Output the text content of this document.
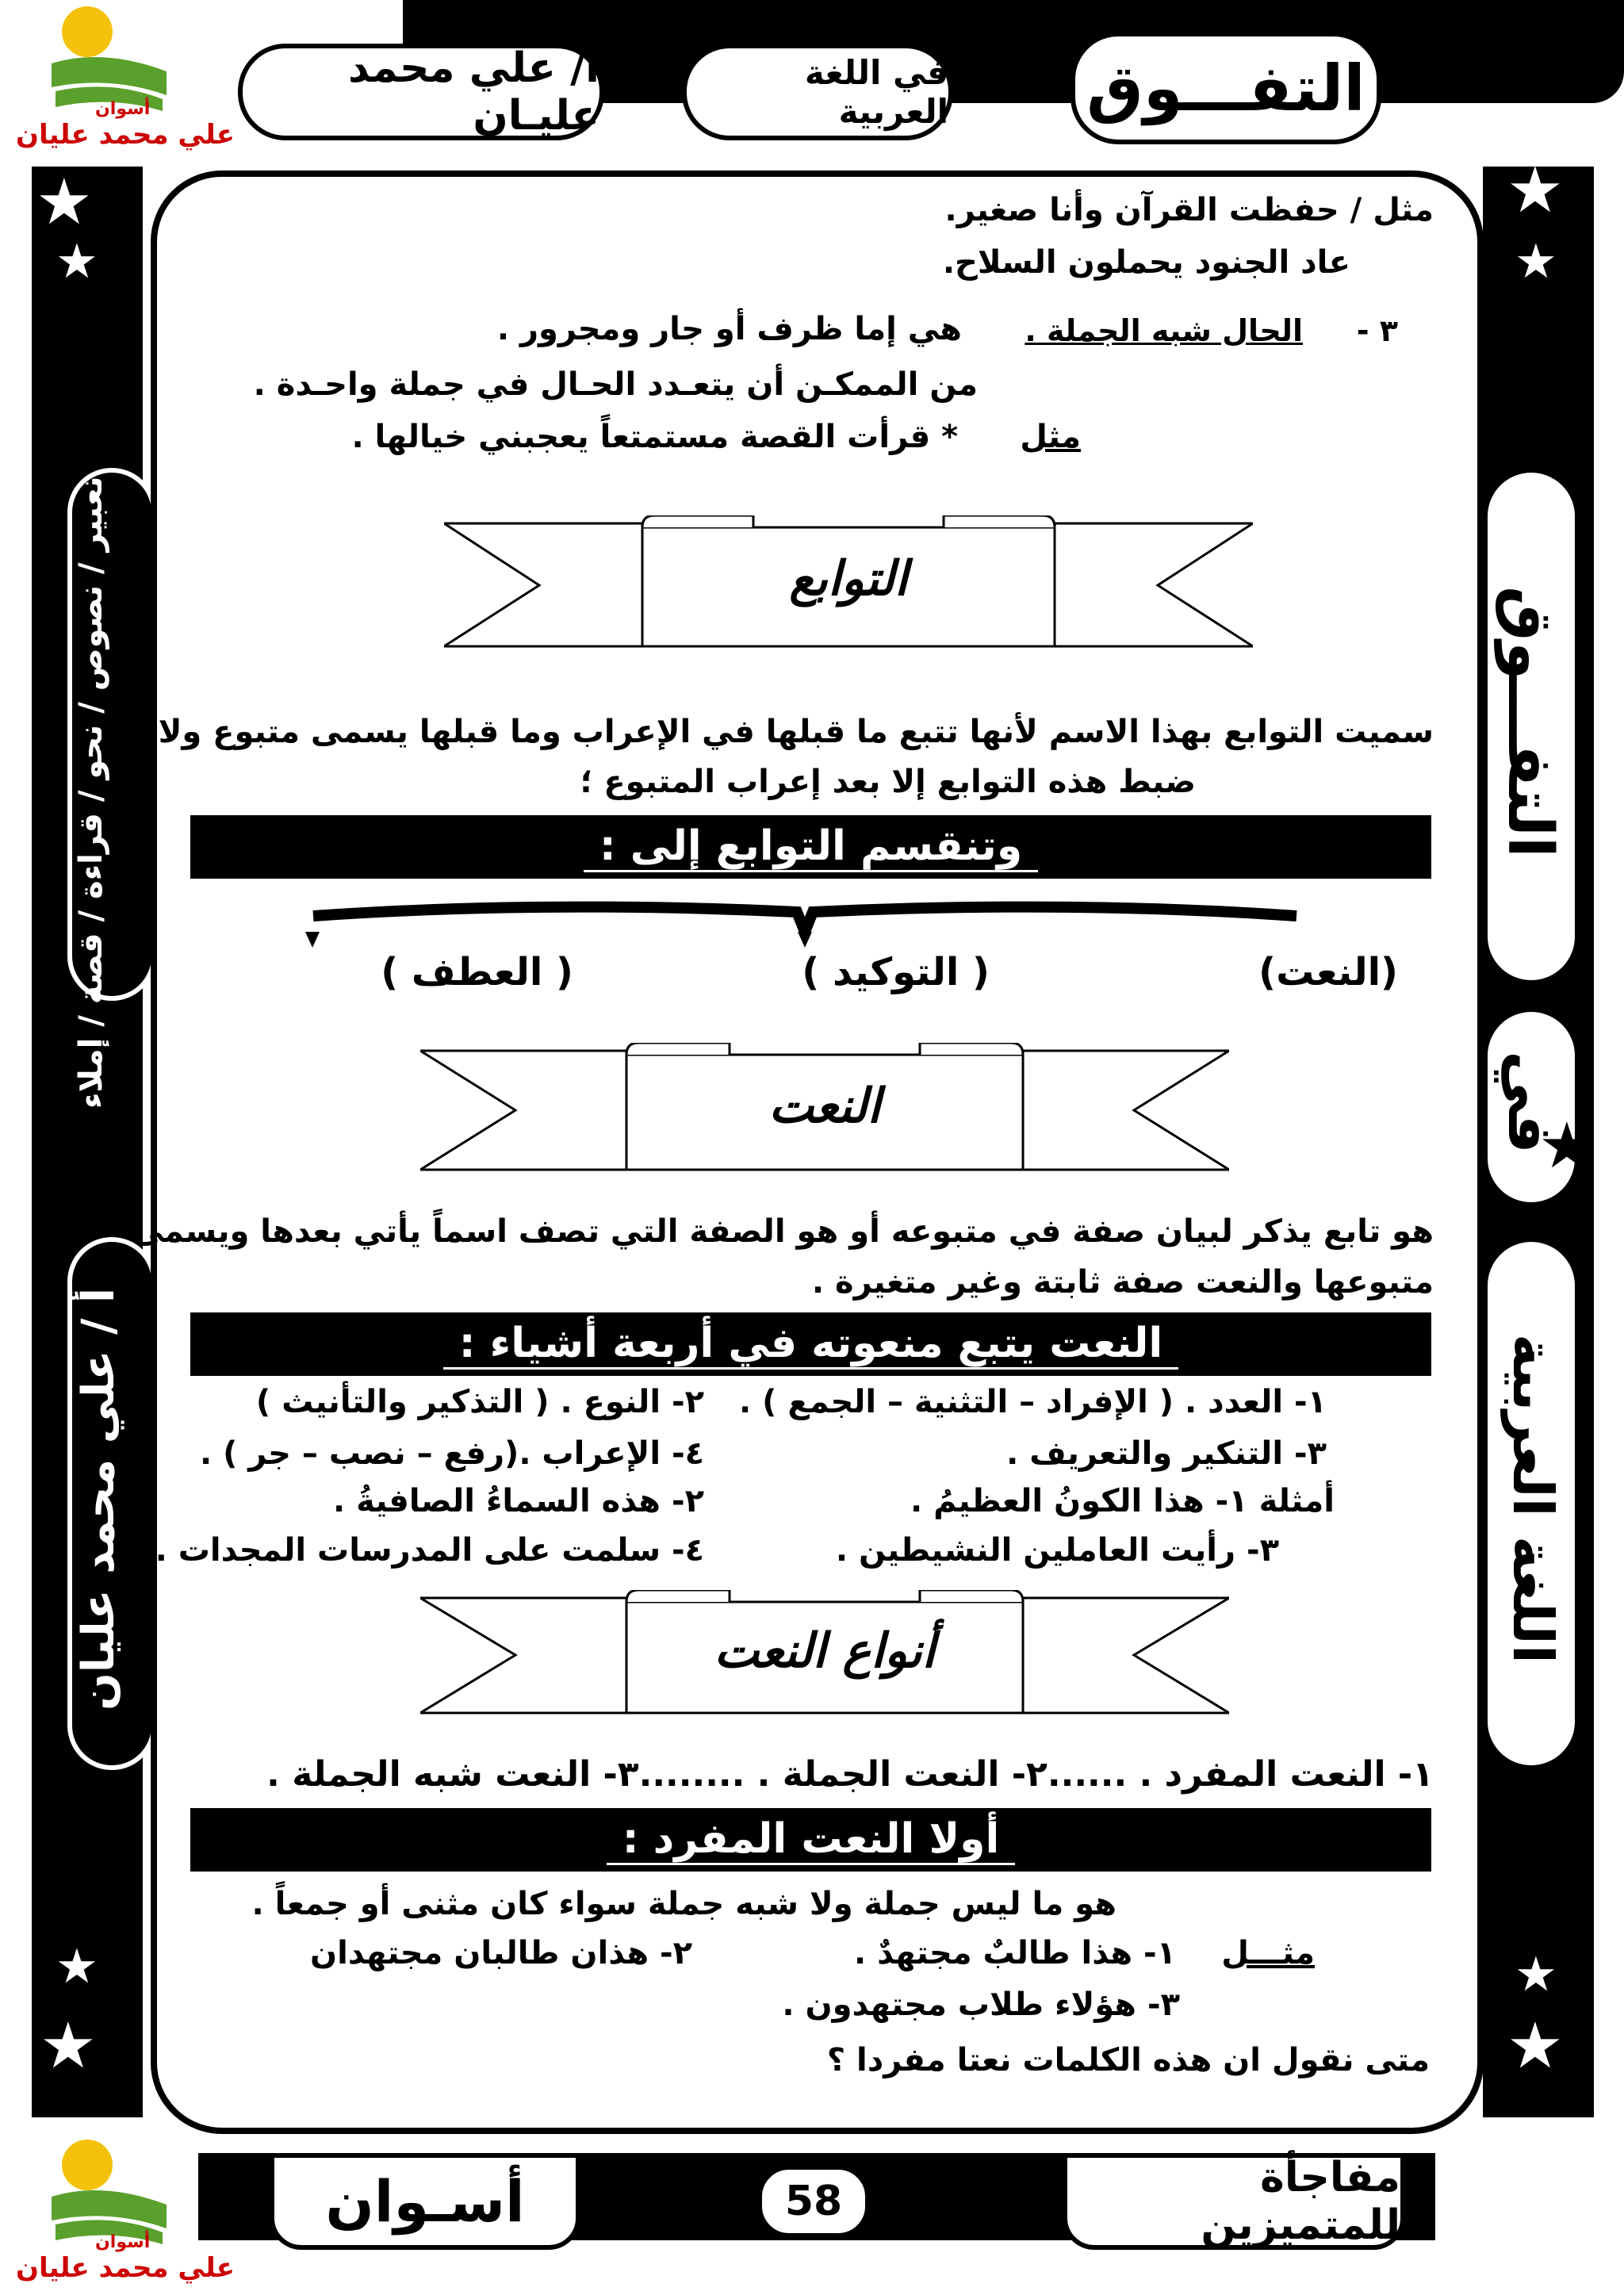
التفـــوق
في اللغة العربية
أ/ علي محمد عليـان
أسوان
علي محمد عليان
أسوان
علي محمد عليان
تعبير / نصوص / نحو / قراءة / قصة / إملاء
أ / علي محمد عليان
★
★
★
★
★
التفـــوق
في
اللغة العربية
★
★
★
★
★
مثل / حفظت القرآن وأنا صغير.
عاد الجنود يحملون السلاح.
٣ -
الحال شبه الجملة .
هي إما ظرف أو جار ومجرور .
من الممكـن أن يتعـدد الحـال في جملة واحـدة .
مثل
* قرأت القصة مستمتعاً يعجبني خيالها .
التوابع
سميت التوابع بهذا الاسم لأنها تتبع ما قبلها في الإعراب وما قبلها يسمى متبوع ولا يتم
ضبط هذه التوابع إلا بعد إعراب المتبوع ؛
وتنقسم التوابع إلى :
(النعت)
( التوكيد )
( العطف )
النعت
هو تابع يذكر لبيان صفة في متبوعه أو هو الصفة التي تصف اسماً يأتي بعدها ويسمى
متبوعها والنعت صفة ثابتة وغير متغيرة .
النعت يتبع منعوته في أربعة أشياء :
١- العدد . ( الإفراد – التثنية – الجمع ) .
٢- النوع . ( التذكير والتأنيث )
٣- التنكير والتعريف .
٤- الإعراب .(رفع – نصب – جر ) .
أمثلة ١- هذا الكونُ العظيمُ .
٢- هذه السماءُ الصافيةُ .
٣- رأيت العاملين النشيطين .
٤- سلمت على المدرسات المجدات .
أنواع النعت
١- النعت المفرد . ......٢- النعت الجملة . ........٣- النعت شبه الجملة .
أولا النعت المفرد :
هو ما ليس جملة ولا شبه جملة سواء كان مثنى أو جمعاً .
مثـــل
١- هذا طالبٌ مجتهدٌ .
٢- هذان طالبان مجتهدان
٣- هؤلاء طلاب مجتهدون .
متى نقول ان هذه الكلمات نعتا مفردا ؟
مفاجأة للمتميزين
58
أسـوان
